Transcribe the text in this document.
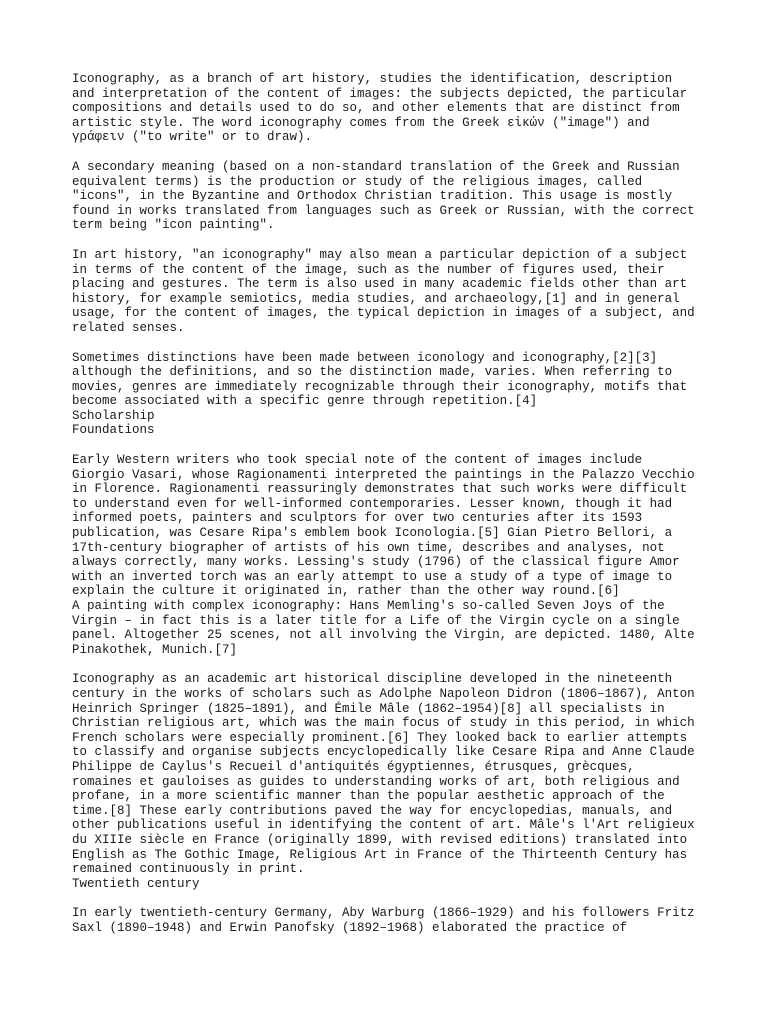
Iconography, as a branch of art history, studies the identification, description
and interpretation of the content of images: the subjects depicted, the particular
compositions and details used to do so, and other elements that are distinct from
artistic style. The word iconography comes from the Greek εἰκών ("image") and
γράφειν ("to write" or to draw).

A secondary meaning (based on a non-standard translation of the Greek and Russian
equivalent terms) is the production or study of the religious images, called
"icons", in the Byzantine and Orthodox Christian tradition. This usage is mostly
found in works translated from languages such as Greek or Russian, with the correct
term being "icon painting".

In art history, "an iconography" may also mean a particular depiction of a subject
in terms of the content of the image, such as the number of figures used, their
placing and gestures. The term is also used in many academic fields other than art
history, for example semiotics, media studies, and archaeology,[1] and in general
usage, for the content of images, the typical depiction in images of a subject, and
related senses.

Sometimes distinctions have been made between iconology and iconography,[2][3]
although the definitions, and so the distinction made, varies. When referring to
movies, genres are immediately recognizable through their iconography, motifs that
become associated with a specific genre through repetition.[4]

Scholarship

Foundations

Early Western writers who took special note of the content of images include
Giorgio Vasari, whose Ragionamenti interpreted the paintings in the Palazzo Vecchio
in Florence. Ragionamenti reassuringly demonstrates that such works were difficult
to understand even for well-informed contemporaries. Lesser known, though it had
informed poets, painters and sculptors for over two centuries after its 1593
publication, was Cesare Ripa's emblem book Iconologia.[5] Gian Pietro Bellori, a
17th-century biographer of artists of his own time, describes and analyses, not
always correctly, many works. Lessing's study (1796) of the classical figure Amor
with an inverted torch was an early attempt to use a study of a type of image to
explain the culture it originated in, rather than the other way round.[6]

A painting with complex iconography: Hans Memling's so-called Seven Joys of the
Virgin – in fact this is a later title for a Life of the Virgin cycle on a single
panel. Altogether 25 scenes, not all involving the Virgin, are depicted. 1480, Alte
Pinakothek, Munich.[7]

Iconography as an academic art historical discipline developed in the nineteenth
century in the works of scholars such as Adolphe Napoleon Didron (1806–1867), Anton
Heinrich Springer (1825–1891), and Émile Mâle (1862–1954)[8] all specialists in
Christian religious art, which was the main focus of study in this period, in which
French scholars were especially prominent.[6] They looked back to earlier attempts
to classify and organise subjects encyclopedically like Cesare Ripa and Anne Claude
Philippe de Caylus's Recueil d'antiquités égyptiennes, étrusques, grècques,
romaines et gauloises as guides to understanding works of art, both religious and
profane, in a more scientific manner than the popular aesthetic approach of the
time.[8] These early contributions paved the way for encyclopedias, manuals, and
other publications useful in identifying the content of art. Mâle's l'Art religieux
du XIIIe siècle en France (originally 1899, with revised editions) translated into
English as The Gothic Image, Religious Art in France of the Thirteenth Century has
remained continuously in print.

Twentieth century

In early twentieth-century Germany, Aby Warburg (1866–1929) and his followers Fritz
Saxl (1890–1948) and Erwin Panofsky (1892–1968) elaborated the practice of
